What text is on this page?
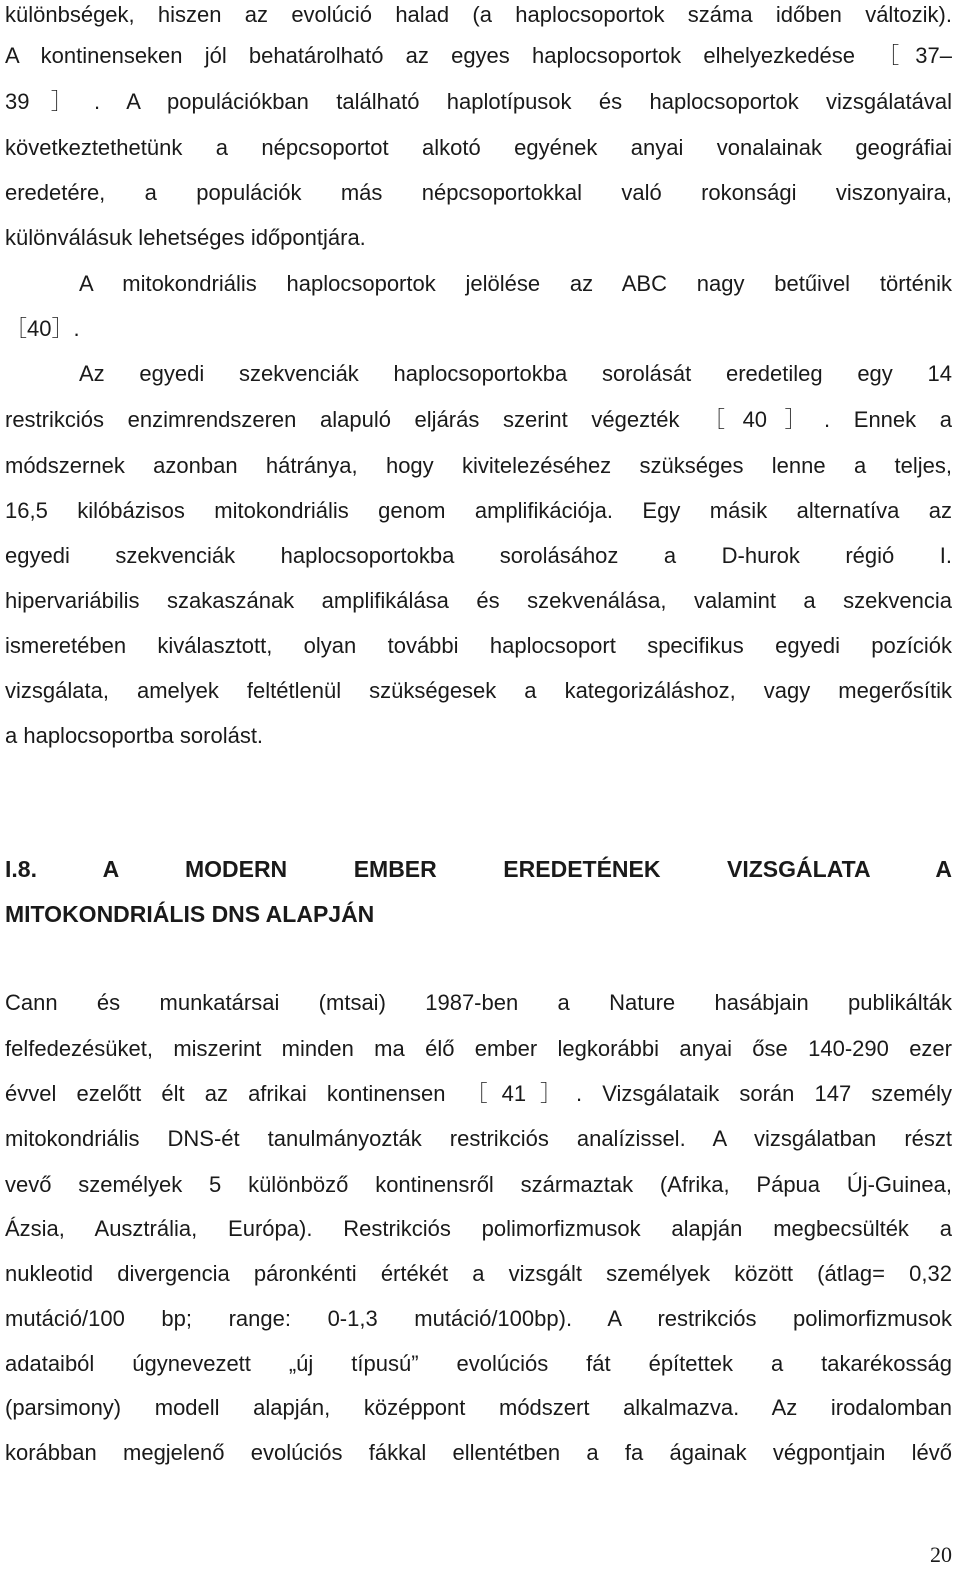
különbségek, hiszen az evolúció halad (a haplocsoportok száma időben változik).
A kontinenseken jól behatárolható az egyes haplocsoportok elhelyezkedése ［37–
39］. A populációkban található haplotípusok és haplocsoportok vizsgálatával
következtethetünk a népcsoportot alkotó egyének anyai vonalainak geográfiai
eredetére, a populációk más népcsoportokkal való rokonsági viszonyaira,
különválásuk lehetséges időpontjára.
A mitokondriális haplocsoportok jelölése az ABC nagy betűivel történik
［40］.
Az egyedi szekvenciák haplocsoportokba sorolását eredetileg egy 14
restrikciós enzimrendszeren alapuló eljárás szerint végezték ［40］. Ennek a
módszernek azonban hátránya, hogy kivitelezéséhez szükséges lenne a teljes,
16,5 kilóbázisos mitokondriális genom amplifikációja. Egy másik alternatíva az
egyedi szekvenciák haplocsoportokba sorolásához a D-hurok régió I.
hipervariábilis szakaszának amplifikálása és szekvenálása, valamint a szekvencia
ismeretében kiválasztott, olyan további haplocsoport specifikus egyedi pozíciók
vizsgálata, amelyek feltétlenül szükségesek a kategorizáláshoz, vagy megerősítik
a haplocsoportba sorolást.
I.8. A MODERN EMBER EREDETÉNEK VIZSGÁLATA A
MITOKONDRIÁLIS DNS ALAPJÁN
Cann és munkatársai (mtsai) 1987-ben a Nature hasábjain publikálták
felfedezésüket, miszerint minden ma élő ember legkorábbi anyai őse 140-290 ezer
évvel ezelőtt élt az afrikai kontinensen ［41］. Vizsgálataik során 147 személy
mitokondriális DNS-ét tanulmányozták restrikciós analízissel. A vizsgálatban részt
vevő személyek 5 különböző kontinensről származtak (Afrika, Pápua Új-Guinea,
Ázsia, Ausztrália, Európa). Restrikciós polimorfizmusok alapján megbecsülték a
nukleotid divergencia páronkénti értékét a vizsgált személyek között (átlag= 0,32
mutáció/100 bp; range: 0-1,3 mutáció/100bp). A restrikciós polimorfizmusok
adataiból úgynevezett „új típusú” evolúciós fát építettek a takarékosság
(parsimony) modell alapján, középpont módszert alkalmazva. Az irodalomban
korábban megjelenő evolúciós fákkal ellentétben a fa ágainak végpontjain lévő
20
